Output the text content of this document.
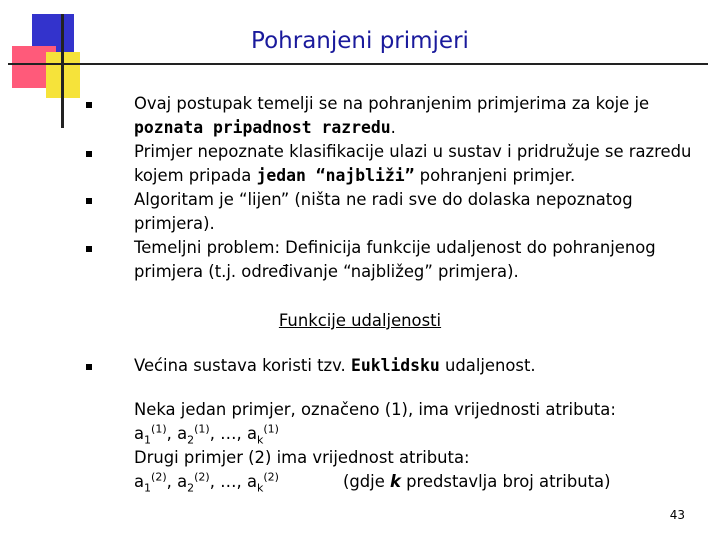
Pohranjeni primjeri
Ovaj postupak temelji se na pohranjenim primjerima za koje je poznata pripadnost razredu.
Primjer nepoznate klasifikacije ulazi u sustav i pridružuje se razredu kojem pripada jedan “najbliži” pohranjeni primjer.
Algoritam je “lijen” (ništa ne radi sve do dolaska nepoznatog primjera).
Temeljni problem: Definicija funkcije udaljenost do pohranjenog primjera (t.j. određivanje “najbližeg” primjera).
Funkcije udaljenosti
Većina sustava koristi tzv. Euklidsku udaljenost.
Neka jedan primjer, označeno (1), ima vrijednosti atributa:
$a_1^{(1)}$, $a_2^{(1)}$, …, $a_k^{(1)}$
Drugi primjer (2) ima vrijednost atributa:
$a_1^{(2)}$, $a_2^{(2)}$, …, $a_k^{(2)}$	(gdje k predstavlja broj atributa)
43
